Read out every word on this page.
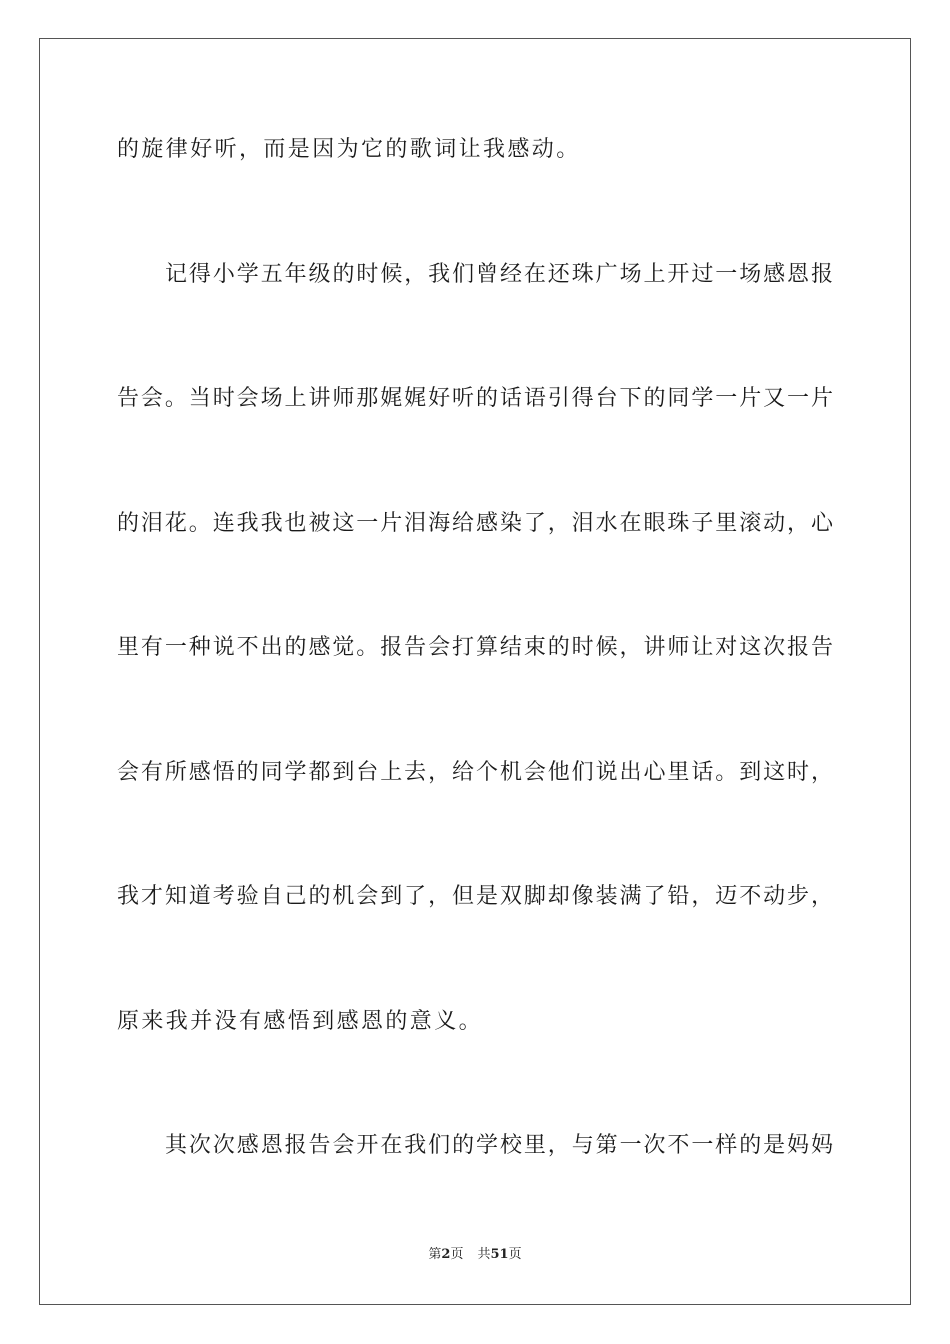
的旋律好听，而是因为它的歌词让我感动。
记得小学五年级的时候，我们曾经在还珠广场上开过一场感恩报
告会。当时会场上讲师那娓娓好听的话语引得台下的同学一片又一片
的泪花。连我我也被这一片泪海给感染了，泪水在眼珠子里滚动，心
里有一种说不出的感觉。报告会打算结束的时候，讲师让对这次报告
会有所感悟的同学都到台上去，给个机会他们说出心里话。到这时，
我才知道考验自己的机会到了，但是双脚却像装满了铅，迈不动步，
原来我并没有感悟到感恩的意义。
其次次感恩报告会开在我们的学校里，与第一次不一样的是妈妈
第2页 共51页
